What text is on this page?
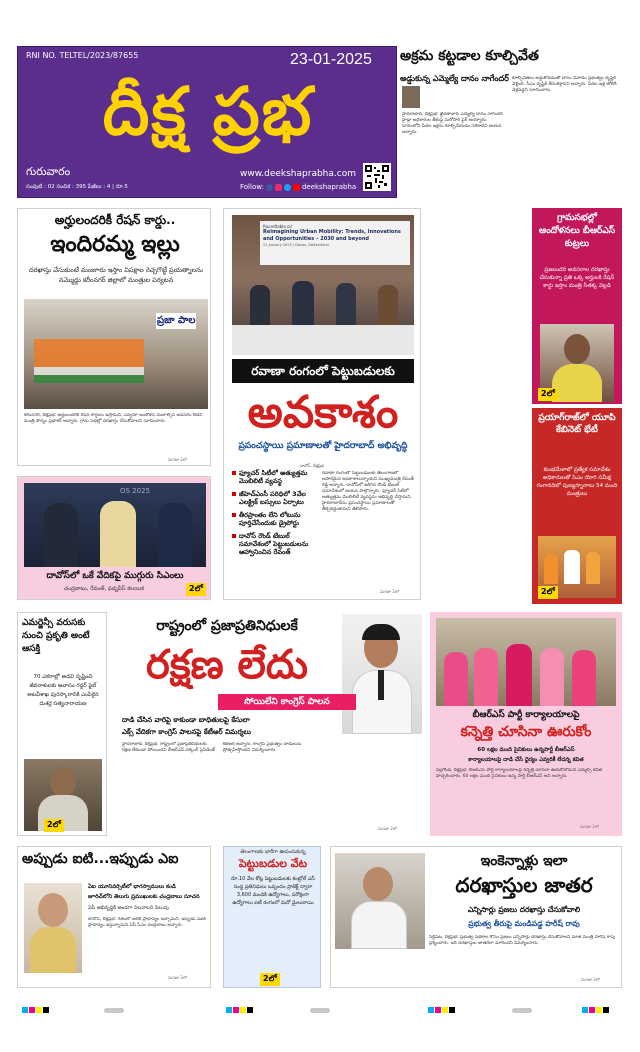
RNI NO. TELTEL/2023/87655	23-01-2025
దీక్ష ప్రభ
గురువారం
సంపుటి : 02 సంచిక : 395 పేజీలు : 4 | రూ.5
www.deekshaprabha.com
Follow:	deekshaprabha
అక్రమ కట్టడాల కూల్చివేత
అడ్డుకున్న ఎమ్మెల్యే దానం నాగేందర్
హైదరాబాద్, దీక్షప్రభ: ఖైరతాబాద్ ఎమ్మెల్యే దానం నాగేందర్ హైడ్రా అధికారుల తీరుపై మరోసారి ఫైర్ అయ్యారు. నగరంలోని పేదల ఇళ్లను కూల్చివేయడం సరికాదని ఆయన అన్నారు.
కూల్చివేతలు అడ్డుకోవడంతో దానం వివాదం ప్రభుత్వం దృష్టికి వెళ్లింది. సీఎం దృష్టికి తీసుకెళ్తానని అన్నారు. పేదల ఇళ్ల జోలికి వెళ్లవద్దని సూచించారు.
అర్హులందరికీ రేషన్ కార్డు..
ఇందిరమ్మ ఇల్లు
దరఖాస్తు చేసుకుంటే మంజూరు ఇస్తాం విపక్షాల రెచ్చగొట్టే ప్రయత్నాలను నమ్మొద్దు కరీంనగర్ జిల్లాలో మంత్రుల పర్యటన
ప్రజా పాల
కరీంనగర్, దీక్షప్రభ: అర్హులందరికీ రేషన్ కార్డులు ఇస్తామని, ఎవ్వరూ ఆందోళన చెందాల్సిన అవసరం లేదని మంత్రి పొన్నం ప్రభాకర్ అన్నారు. గ్రామ సభల్లో దరఖాస్తు చేసుకోవాలని సూచించారు.
మిగతా 2లో
Roundtable on
Reimagining Urban Mobility: Trends, Innovations and Opportunities – 2030 and beyond
21 January 2025 | Davos, Switzerland
రవాణా రంగంలో పెట్టుబడులకు
అవకాశం
ప్రపంచస్థాయి ప్రమాణాలతో హైదరాబాద్ అభివృద్ధి
దావోస్, దీక్షప్రభ
ఫ్యూచర్ సిటీలో అత్యుత్తమ మొబిలిటీ వ్యవస్థ
జీహెచ్ఎంసీ పరిధిలో 3వేల ఎలక్ట్రిక్ బస్సులు ఏర్పాటు
తీరప్రాంతం లేని లోటును పూర్తిచేసేందుకు డ్రైపోర్టు
దావోస్ రౌండ్ టేబుల్ సమావేశంలో పెట్టుబడులను ఆహ్వానించిన రేవంత్
రవాణా రంగంలో పెట్టుబడులకు తెలంగాణలో అపారమైన అవకాశాలున్నాయని ముఖ్యమంత్రి రేవంత్ రెడ్డి అన్నారు. దావోస్‌లో జరిగిన రౌండ్ టేబుల్ సమావేశంలో ఆయన పాల్గొన్నారు. ఫ్యూచర్ సిటీలో అత్యుత్తమ మొబిలిటీ వ్యవస్థను అభివృద్ధి చేస్తామని, హైదరాబాద్‌ను ప్రపంచస్థాయి ప్రమాణాలతో తీర్చిదిద్దుతామని తెలిపారు.
మిగతా 2లో
గ్రామసభల్లో ఆందోళనలు బీఆర్ఎస్ కుట్రలు
ప్రజలందరి అవసరాల దరఖాస్తు చేసుకున్నా ప్రతి ఒక్క అర్హులకి రేషన్ కార్డు ఇస్తాం మంత్రి సీతక్క వెల్లడి
2లో
OS 2025
దావోస్‌లో ఒకే వేదికపై ముగ్గురు సిఎంలు
చంద్రబాబు, రేవంత్, ఫడ్నవీస్ కలయిక	2లో
ప్రయాగ్‌రాజ్‌లో యూపి కేబినెట్ భేటీ
కుంభమేళాలో ప్రత్యేక సమావేశం అధికారులతో సిఎం యోగి సమీక్ష గంగానదిలో పుణ్యస్నానాలు 54 మంది మంత్రులు
2లో
ఎమర్జెన్సీ వరుసకు నుంచి ప్రకృతి అంటే ఆసక్తి
70 ఎకరాల్లో అడవి సృష్టించి జీవరాశులకు ఆవాసం గద్దర్ ఫైల్ అటవీశాఖ పురస్కారానికి ఎంపికైన దుశర్ల సత్యనారాయణ
2లో
రాష్ట్రంలో ప్రజాప్రతినిధులకే
రక్షణ లేదు
సోయిలేని కాంగ్రెస్ పాలన
దాడి చేసిన వారిపై కాకుండా బాధితులపై కేసులా
ఎక్స్ వేదికగా కాంగ్రెస్ పాలనపై కేటీఆర్ విమర్శలు
హైదరాబాద్, దీక్షప్రభ: రాష్ట్రంలో ప్రజాప్రతినిధులకు రక్షణ లేకుండా పోయిందని బీఆర్ఎస్ వర్కింగ్ ప్రెసిడెంట్ కేటీఆర్ అన్నారు. కాంగ్రెస్ ప్రభుత్వం దాడులను ప్రోత్సహిస్తోందని విమర్శించారు.
మిగతా 2లో
బీఆర్ఎస్ పార్టీ కార్యాలయాలపై
కన్నెత్తి చూసినా ఊరుకోం
60 లక్షల మంది సైనికులు ఉన్నపార్టీ బీఆర్ఎస్
కార్యాలయాలపై దాడి చేసే ధైర్యం ఎవ్వరికీ లేదన్న కవిత
నల్లగొండ, దీక్షప్రభ: బీఆర్ఎస్ పార్టీ కార్యాలయాలపై కన్నెత్తి చూసినా ఊరుకోబోమని ఎమ్మెల్సీ కవిత హెచ్చరించారు. 60 లక్షల మంది సైనికులు ఉన్న పార్టీ బీఆర్ఎస్ అని అన్నారు.
మిగతా 2లో
అప్పుడు ఐటి...ఇప్పుడు ఎఐ
ఏఐ యూనివర్సిటీలో భాగస్వాములు కండి
జూరిచ్‌లోని తెలుగు ప్రముఖులకు చంద్రబాబు సూచన
ఏపీ అభివృద్ధికి అండగా నిలవాలని పిలుపు
దావోస్, దీక్షప్రభ: గతంలో ఐటీకి ప్రాధాన్యం ఇచ్చామని, ఇప్పుడు ఏఐకి ప్రాధాన్యం ఇస్తున్నామని ఏపీ సీఎం చంద్రబాబు అన్నారు.
మిగతా 2లో
తెలంగాణకు భారీగా ఊపందుకున్న
పెట్టుబడుల వేట
రూ.10 వేల కోట్ల పెట్టుబడులకు కంట్రోల్ ఎస్ సంస్థ ప్రతినిధులు ఒప్పందం ప్రాజెక్ట్ ద్వారా 3,600 మందికి ఉద్యోగాలు, పరోక్షంగా ఉద్యోగాలు ఐటీ రంగంలో మరో మైలురాయి
2లో
ఇంకెన్నాళ్లు ఇలా
దరఖాస్తుల జాతర
ఎన్నిసార్లు ప్రజలు దరఖాస్తు చేసుకోవాలి
ప్రభుత్వ తీరుపై మండిపడ్డ హరీష్ రావు
సిద్దిపేట, దీక్షప్రభ: ప్రభుత్వ పథకాల కోసం ప్రజలు ఎన్నిసార్లు దరఖాస్తు చేసుకోవాలని మాజీ మంత్రి హరీష్ రావు ప్రశ్నించారు. ఇది దరఖాస్తుల జాతరలా మారిందని విమర్శించారు.
మిగతా 2లో
